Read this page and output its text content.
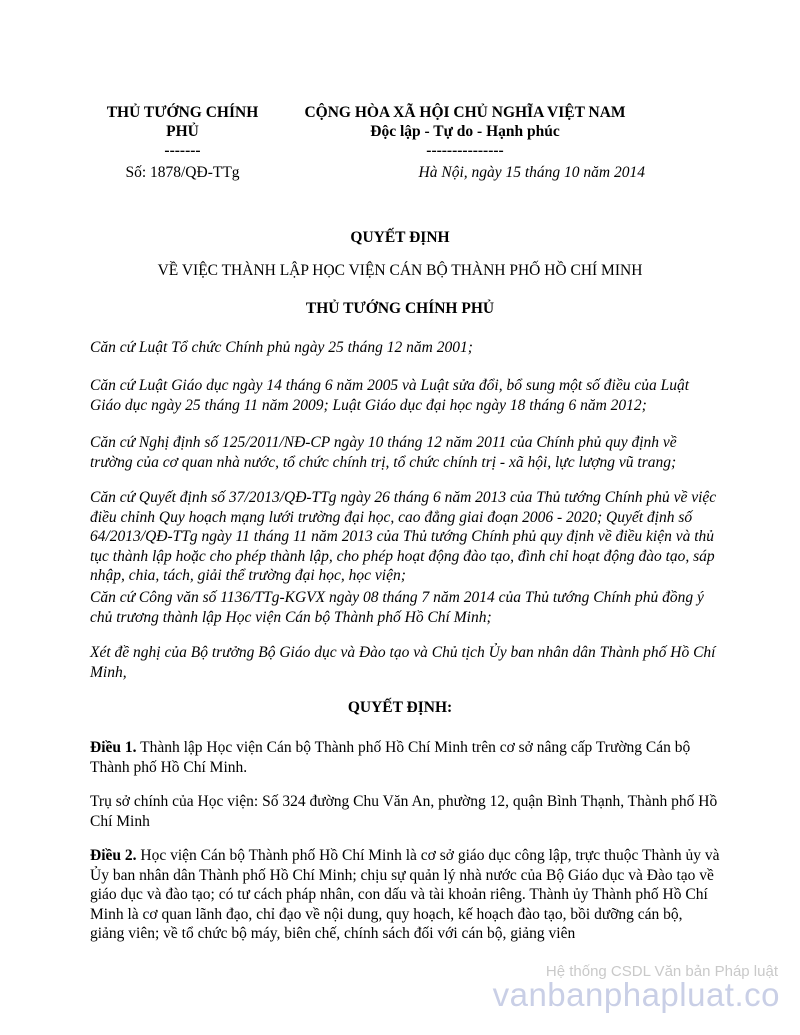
THỦ TƯỚNG CHÍNH
PHỦ
-------
CỘNG HÒA XÃ HỘI CHỦ NGHĨA VIỆT NAM
Độc lập - Tự do - Hạnh phúc
---------------
Số: 1878/QĐ-TTg	Hà Nội, ngày 15 tháng 10 năm 2014
QUYẾT ĐỊNH
VỀ VIỆC THÀNH LẬP HỌC VIỆN CÁN BỘ THÀNH PHỐ HỒ CHÍ MINH
THỦ TƯỚNG CHÍNH PHỦ

Căn cứ Luật Tổ chức Chính phủ ngày 25 tháng 12 năm 2001;

Căn cứ Luật Giáo dục ngày 14 tháng 6 năm 2005 và Luật sửa đổi, bổ sung một số điều của Luật Giáo dục ngày 25 tháng 11 năm 2009; Luật Giáo dục đại học ngày 18 tháng 6 năm 2012;

Căn cứ Nghị định số 125/2011/NĐ-CP ngày 10 tháng 12 năm 2011 của Chính phủ quy định về trường của cơ quan nhà nước, tổ chức chính trị, tổ chức chính trị - xã hội, lực lượng vũ trang;

Căn cứ Quyết định số 37/2013/QĐ-TTg ngày 26 tháng 6 năm 2013 của Thủ tướng Chính phủ về việc điều chỉnh Quy hoạch mạng lưới trường đại học, cao đẳng giai đoạn 2006 - 2020; Quyết định số 64/2013/QĐ-TTg ngày 11 tháng 11 năm 2013 của Thủ tướng Chính phủ quy định về điều kiện và thủ tục thành lập hoặc cho phép thành lập, cho phép hoạt động đào tạo, đình chỉ hoạt động đào tạo, sáp nhập, chia, tách, giải thể trường đại học, học viện;

Căn cứ Công văn số 1136/TTg-KGVX ngày 08 tháng 7 năm 2014 của Thủ tướng Chính phủ đồng ý chủ trương thành lập Học viện Cán bộ Thành phố Hồ Chí Minh;

Xét đề nghị của Bộ trưởng Bộ Giáo dục và Đào tạo và Chủ tịch Ủy ban nhân dân Thành phố Hồ Chí Minh,

QUYẾT ĐỊNH:

Điều 1. Thành lập Học viện Cán bộ Thành phố Hồ Chí Minh trên cơ sở nâng cấp Trường Cán bộ Thành phố Hồ Chí Minh.

Trụ sở chính của Học viện: Số 324 đường Chu Văn An, phường 12, quận Bình Thạnh, Thành phố Hồ Chí Minh

Điều 2. Học viện Cán bộ Thành phố Hồ Chí Minh là cơ sở giáo dục công lập, trực thuộc Thành ủy và Ủy ban nhân dân Thành phố Hồ Chí Minh; chịu sự quản lý nhà nước của Bộ Giáo dục và Đào tạo về giáo dục và đào tạo; có tư cách pháp nhân, con dấu và tài khoản riêng. Thành ủy Thành phố Hồ Chí Minh là cơ quan lãnh đạo, chỉ đạo về nội dung, quy hoạch, kế hoạch đào tạo, bồi dưỡng cán bộ, giảng viên; về tổ chức bộ máy, biên chế, chính sách đối với cán bộ, giảng viên

Hệ thống CSDL Văn bản Pháp luật
vanbanphapluat.co
